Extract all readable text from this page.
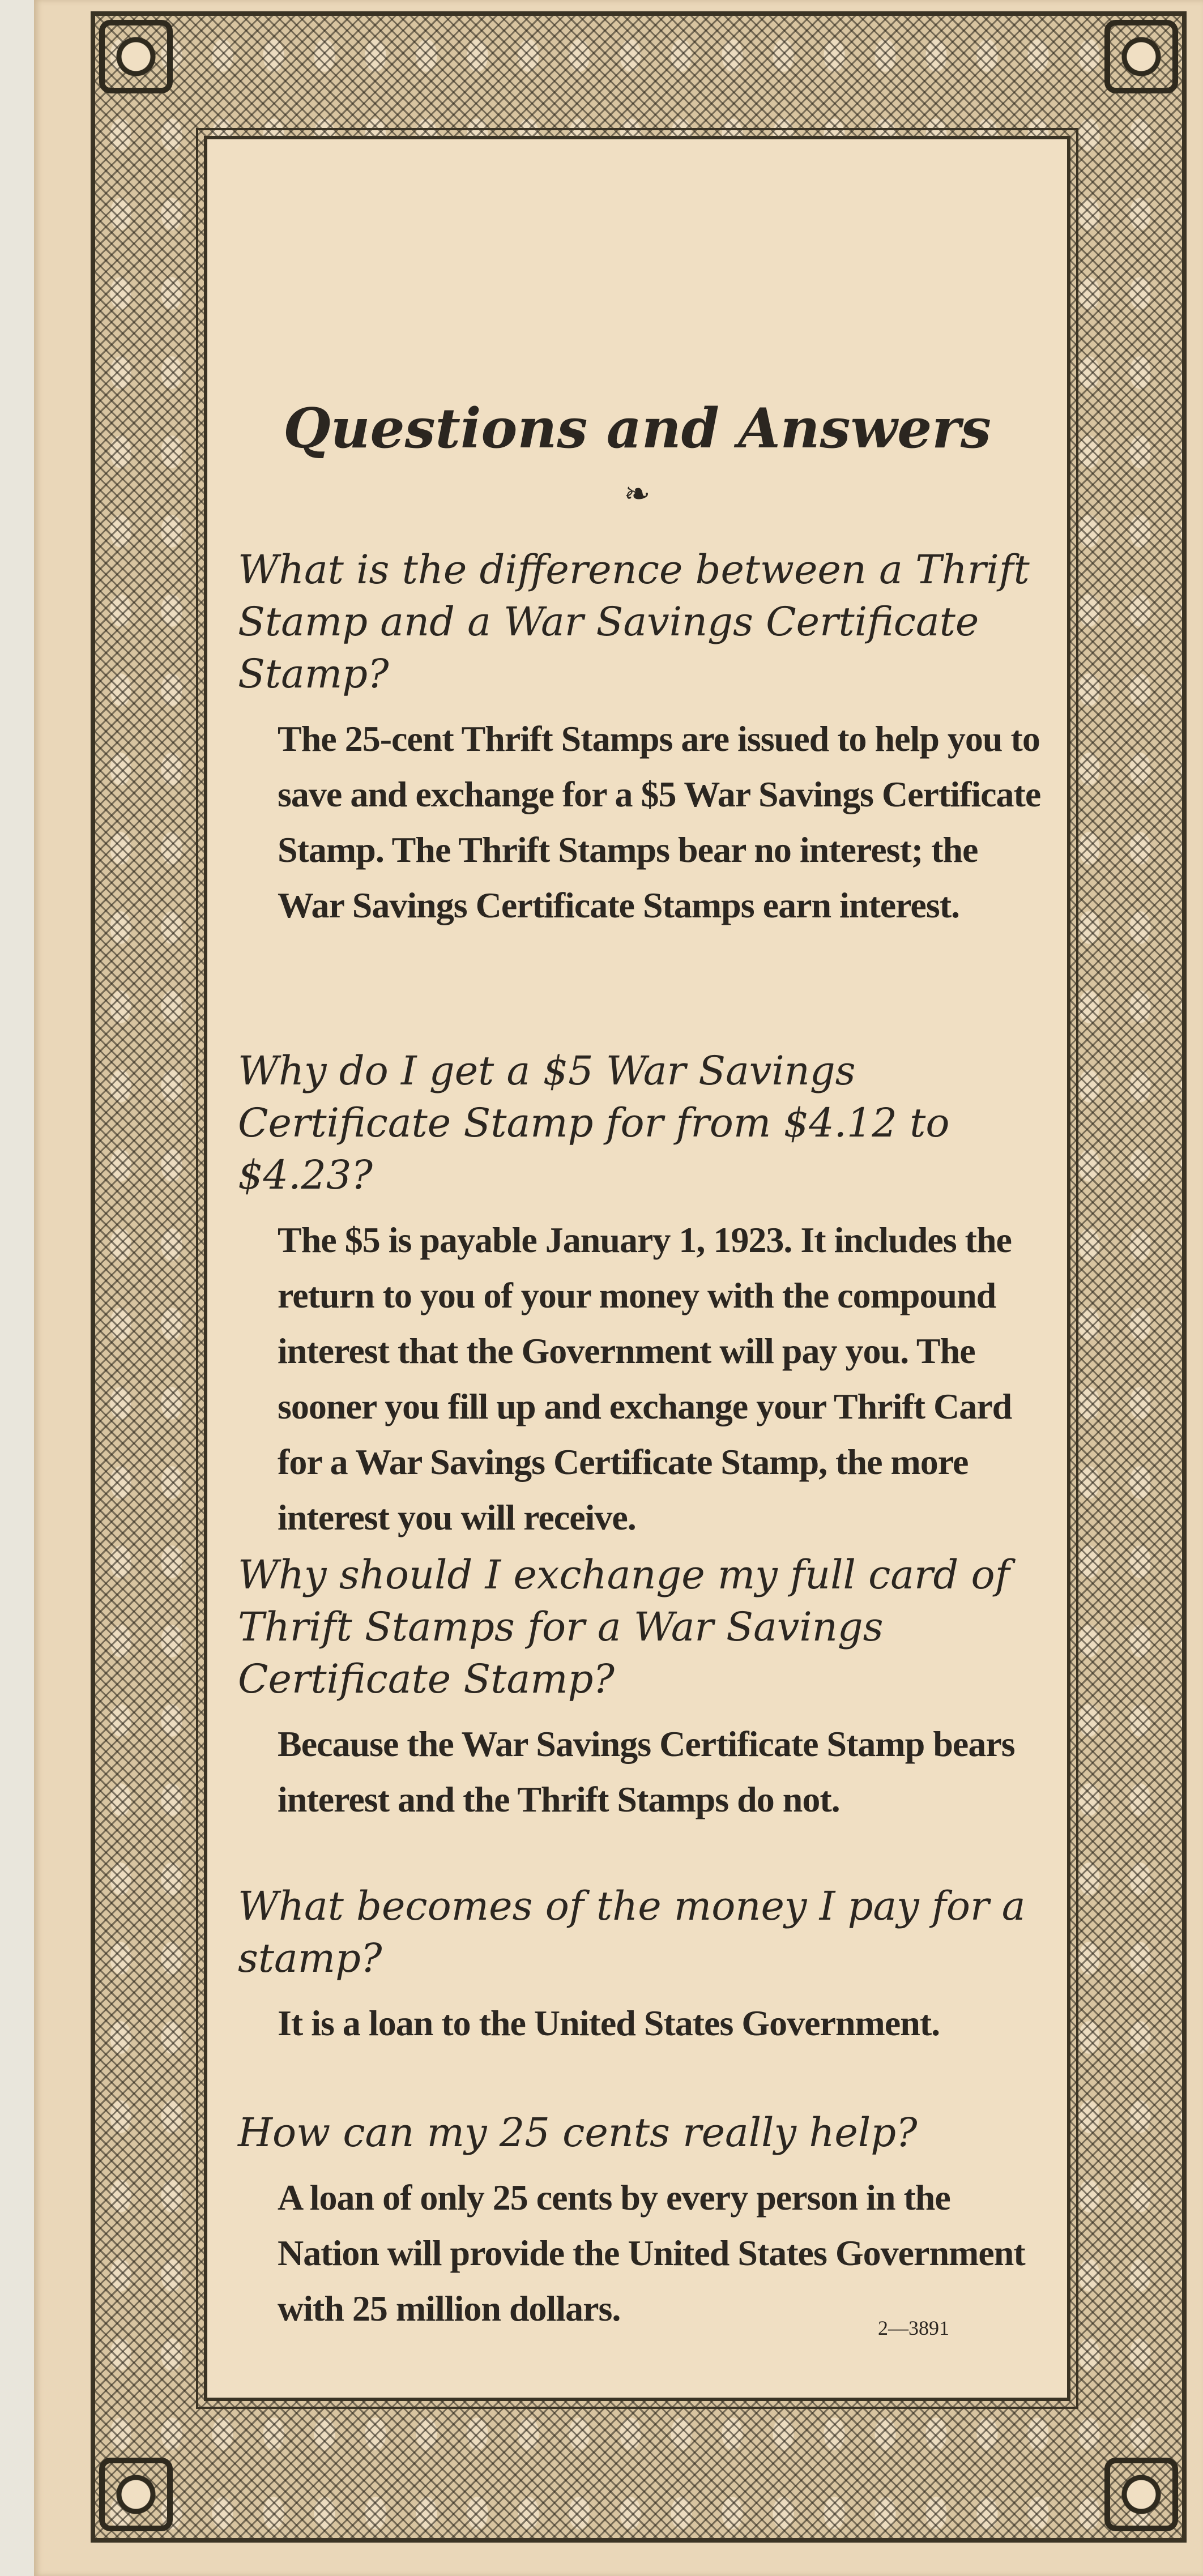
Questions and Answers
❧

What is the difference between a Thrift Stamp and a War Savings Certificate Stamp?

The 25-cent Thrift Stamps are issued to help you to save and exchange for a $5 War Savings Certificate Stamp. The Thrift Stamps bear no interest; the War Savings Certificate Stamps earn interest.

Why do I get a $5 War Savings Certificate Stamp for from $4.12 to $4.23?

The $5 is payable January 1, 1923. It includes the return to you of your money with the compound interest that the Government will pay you. The sooner you fill up and exchange your Thrift Card for a War Savings Certificate Stamp, the more interest you will receive.

Why should I exchange my full card of Thrift Stamps for a War Savings Certificate Stamp?

Because the War Savings Certificate Stamp bears interest and the Thrift Stamps do not.

What becomes of the money I pay for a stamp?

It is a loan to the United States Government.

How can my 25 cents really help?

A loan of only 25 cents by every person in the Nation will provide the United States Government with 25 million dollars.	2—3891
